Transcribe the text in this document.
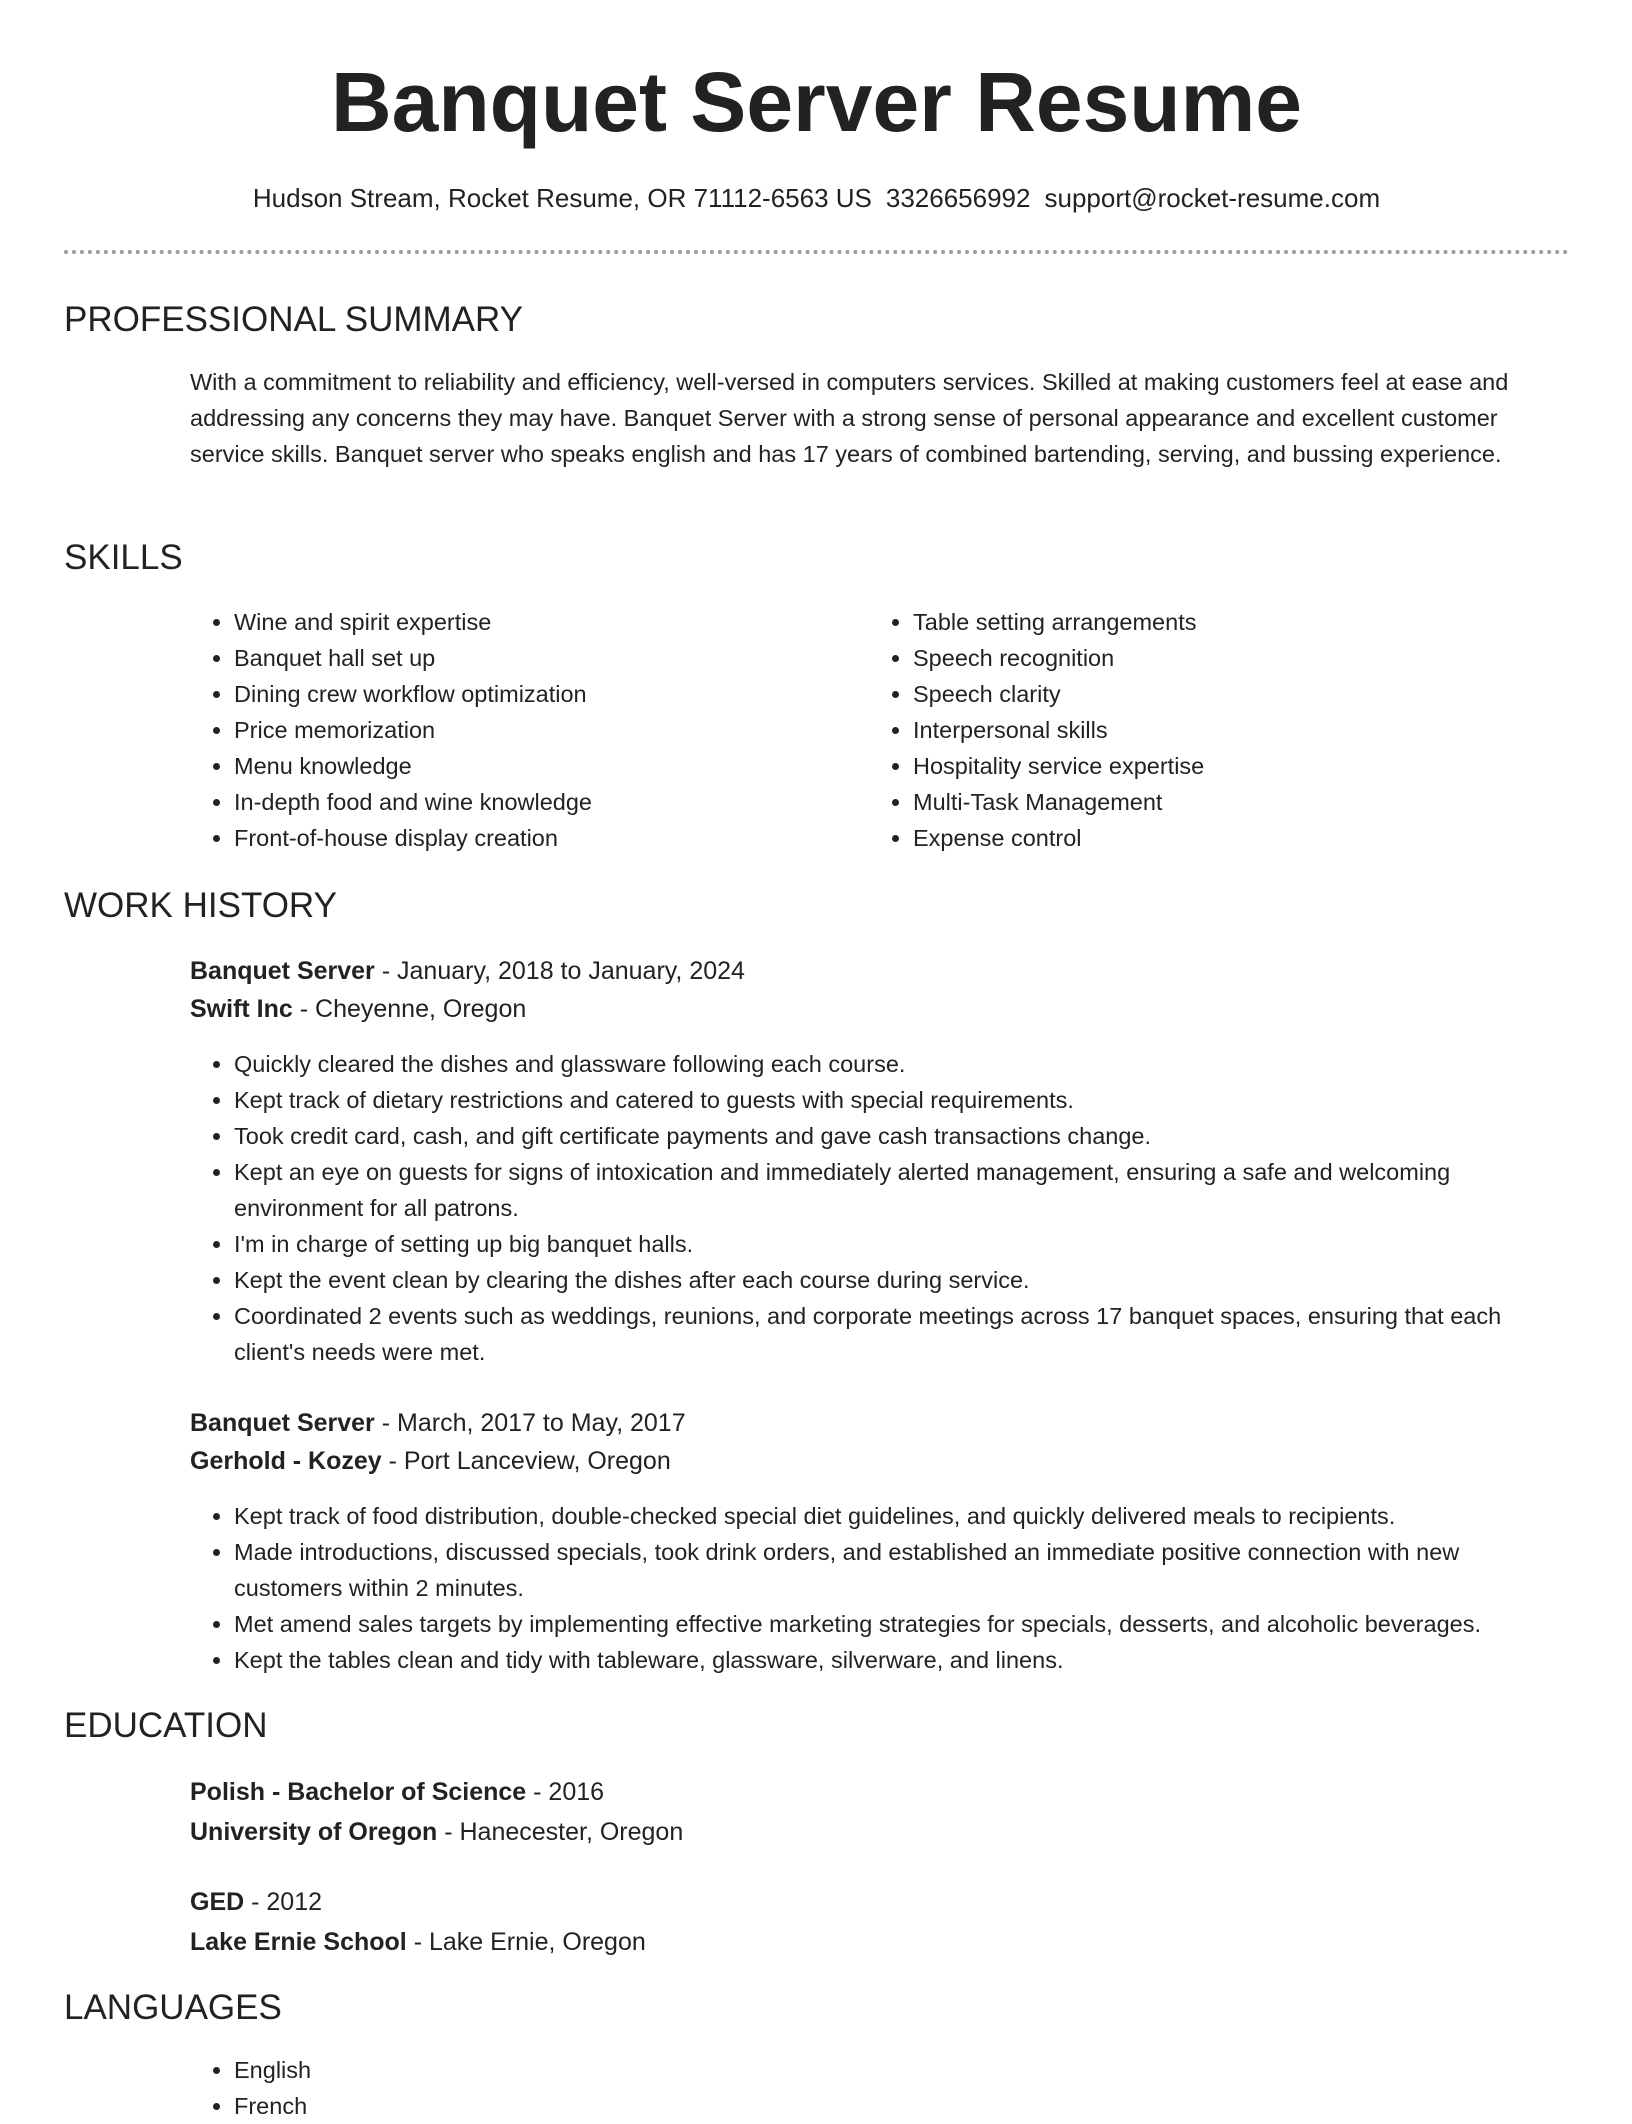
Banquet Server Resume
Hudson Stream, Rocket Resume, OR 71112-6563 US 3326656992 support@rocket-resume.com
PROFESSIONAL SUMMARY

With a commitment to reliability and efficiency, well-versed in computers services. Skilled at making customers feel at ease and addressing any concerns they may have. Banquet Server with a strong sense of personal appearance and excellent customer service skills. Banquet server who speaks english and has 17 years of combined bartending, serving, and bussing experience.

SKILLS
• Wine and spirit expertise
• Banquet hall set up
• Dining crew workflow optimization
• Price memorization
• Menu knowledge
• In-depth food and wine knowledge
• Front-of-house display creation
• Table setting arrangements
• Speech recognition
• Speech clarity
• Interpersonal skills
• Hospitality service expertise
• Multi-Task Management
• Expense control
WORK HISTORY

Banquet Server - January, 2018 to January, 2024

Swift Inc - Cheyenne, Oregon

• Quickly cleared the dishes and glassware following each course.
• Kept track of dietary restrictions and catered to guests with special requirements.
• Took credit card, cash, and gift certificate payments and gave cash transactions change.
• Kept an eye on guests for signs of intoxication and immediately alerted management, ensuring a safe and welcoming environment for all patrons.
• I'm in charge of setting up big banquet halls.
• Kept the event clean by clearing the dishes after each course during service.
• Coordinated 2 events such as weddings, reunions, and corporate meetings across 17 banquet spaces, ensuring that each client's needs were met.

Banquet Server - March, 2017 to May, 2017

Gerhold - Kozey - Port Lanceview, Oregon

• Kept track of food distribution, double-checked special diet guidelines, and quickly delivered meals to recipients.
• Made introductions, discussed specials, took drink orders, and established an immediate positive connection with new customers within 2 minutes.
• Met amend sales targets by implementing effective marketing strategies for specials, desserts, and alcoholic beverages.
• Kept the tables clean and tidy with tableware, glassware, silverware, and linens.
EDUCATION

Polish - Bachelor of Science - 2016

University of Oregon - Hanecester, Oregon

GED - 2012

Lake Ernie School - Lake Ernie, Oregon

LANGUAGES
• English
• French
